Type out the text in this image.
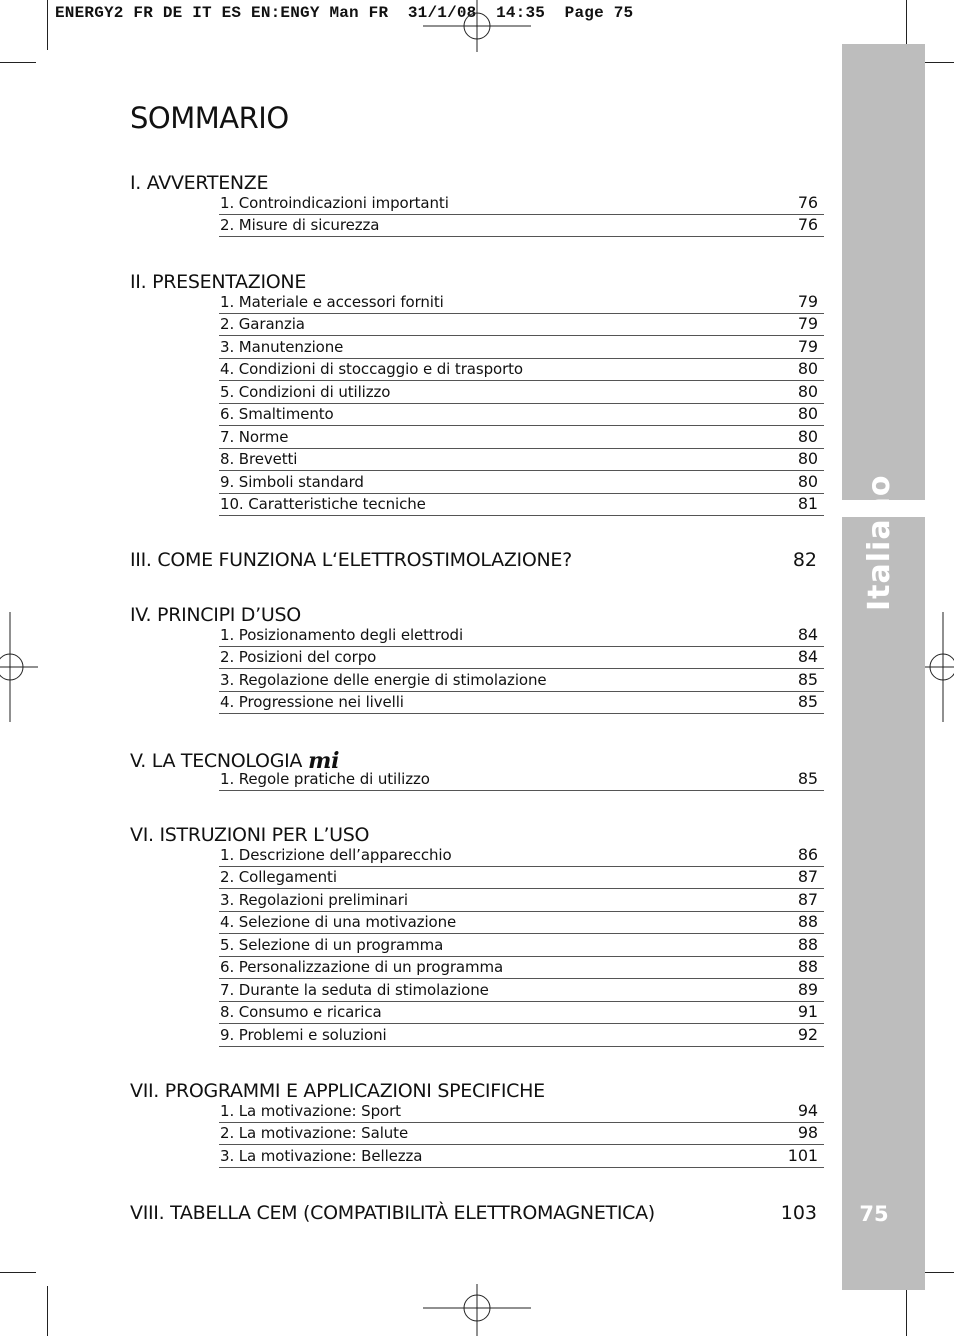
ENERGY2 FR DE IT ES EN:ENGY Man FR  31/1/08  14:35  Page 75
Italiano
75
SOMMARIO
I. AVVERTENZE
1. Controindicazioni importanti	76
2. Misure di sicurezza	76
II. PRESENTAZIONE
1. Materiale e accessori forniti	79
2. Garanzia	79
3. Manutenzione	79
4. Condizioni di stoccaggio e di trasporto	80
5. Condizioni di utilizzo	80
6. Smaltimento	80
7. Norme	80
8. Brevetti	80
9. Simboli standard	80
10. Caratteristiche tecniche	81
III. COME FUNZIONA L‘ELETTROSTIMOLAZIONE?	82
IV. PRINCIPI D’USO
1. Posizionamento degli elettrodi	84
2. Posizioni del corpo	84
3. Regolazione delle energie di stimolazione	85
4. Progressione nei livelli	85
V. LA TECNOLOGIA mi
1. Regole pratiche di utilizzo	85
VI. ISTRUZIONI PER L’USO
1. Descrizione dell’apparecchio	86
2. Collegamenti	87
3. Regolazioni preliminari	87
4. Selezione di una motivazione	88
5. Selezione di un programma	88
6. Personalizzazione di un programma	88
7. Durante la seduta di stimolazione	89
8. Consumo e ricarica	91
9. Problemi e soluzioni	92
VII. PROGRAMMI E APPLICAZIONI SPECIFICHE
1. La motivazione: Sport	94
2. La motivazione: Salute	98
3. La motivazione: Bellezza	101
VIII. TABELLA CEM (COMPATIBILITÀ ELETTROMAGNETICA)	103
